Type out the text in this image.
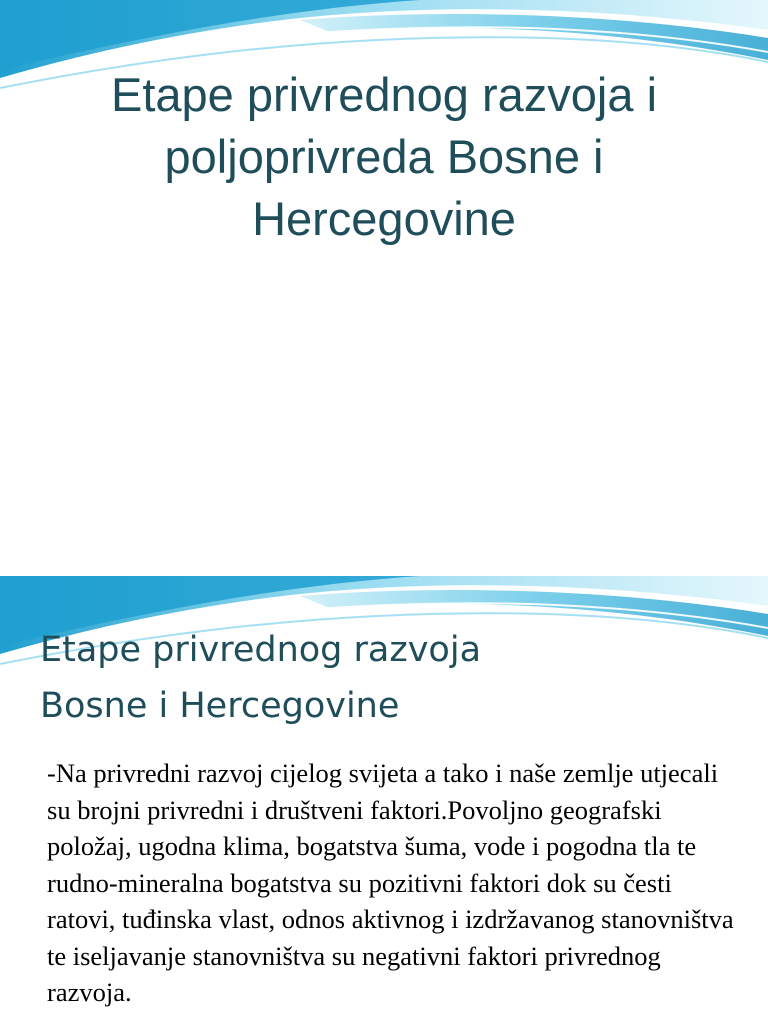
Etape privrednog razvoja i poljoprivreda Bosne i Hercegovine
Etape privrednog razvoja
Bosne i Hercegovine

-Na privredni razvoj cijelog svijeta a tako i naše zemlje utjecali su brojni privredni i društveni faktori.Povoljno geografski položaj, ugodna klima, bogatstva šuma, vode i pogodna tla te rudno-mineralna bogatstva su pozitivni faktori dok su česti ratovi, tuđinska vlast, odnos aktivnog i izdržavanog stanovništva te iseljavanje stanovništva su negativni faktori privrednog razvoja.
